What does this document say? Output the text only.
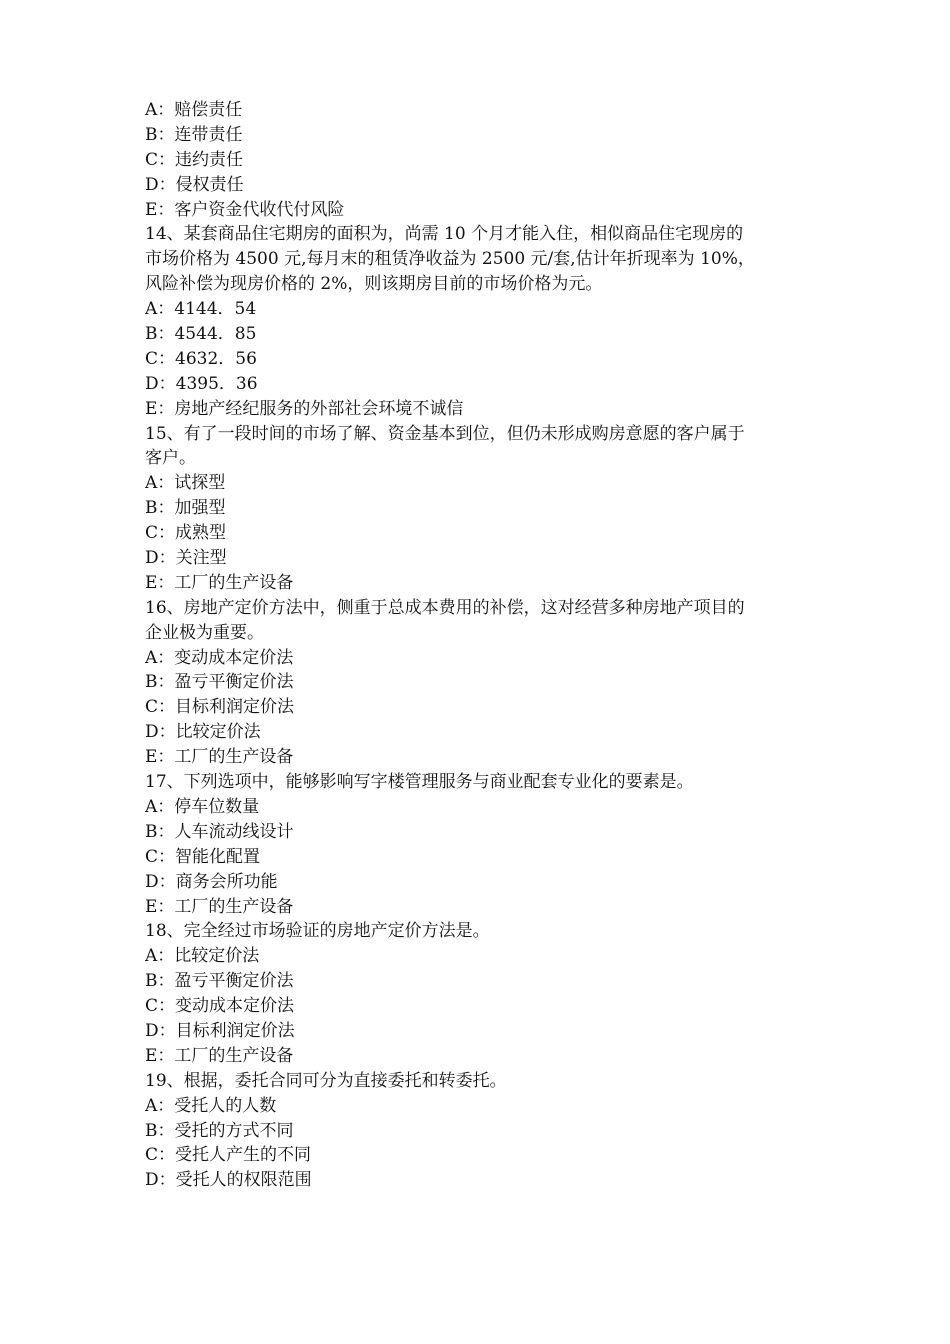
A：赔偿责任
B：连带责任
C：违约责任
D：侵权责任
E：客户资金代收代付风险
14、某套商品住宅期房的面积为，尚需 10 个月才能入住，相似商品住宅现房的
市场价格为 4500 元,每月末的租赁净收益为 2500 元/套,估计年折现率为 10%，
风险补偿为现房价格的 2%，则该期房目前的市场价格为元。
A：4144．54
B：4544．85
C：4632．56
D：4395．36
E：房地产经纪服务的外部社会环境不诚信
15、有了一段时间的市场了解、资金基本到位，但仍未形成购房意愿的客户属于
客户。
A：试探型
B：加强型
C：成熟型
D：关注型
E：工厂的生产设备
16、房地产定价方法中，侧重于总成本费用的补偿，这对经营多种房地产项目的
企业极为重要。
A：变动成本定价法
B：盈亏平衡定价法
C：目标利润定价法
D：比较定价法
E：工厂的生产设备
17、下列选项中，能够影响写字楼管理服务与商业配套专业化的要素是。
A：停车位数量
B：人车流动线设计
C：智能化配置
D：商务会所功能
E：工厂的生产设备
18、完全经过市场验证的房地产定价方法是。
A：比较定价法
B：盈亏平衡定价法
C：变动成本定价法
D：目标利润定价法
E：工厂的生产设备
19、根据，委托合同可分为直接委托和转委托。
A：受托人的人数
B：受托的方式不同
C：受托人产生的不同
D：受托人的权限范围
